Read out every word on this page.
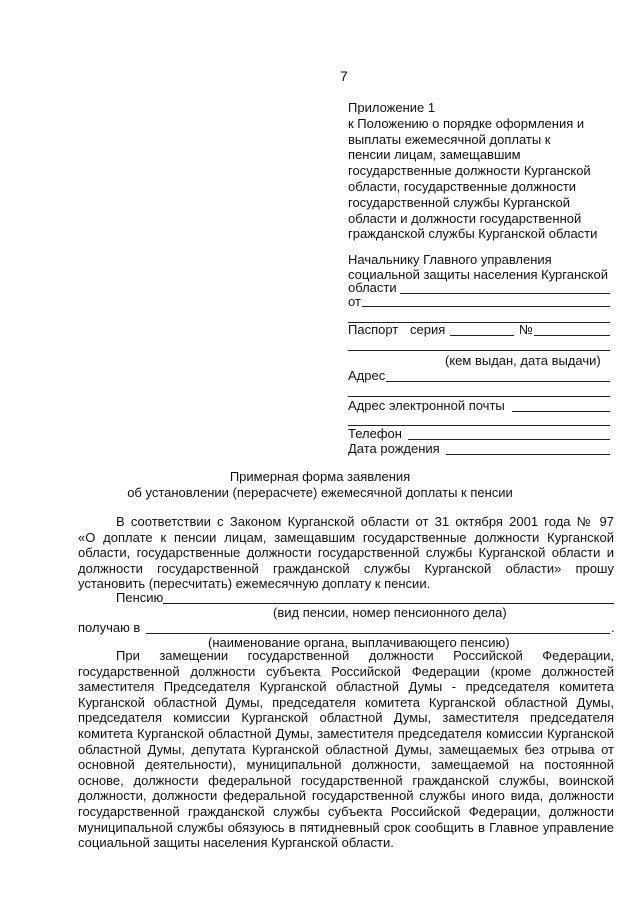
7
Приложение 1
к Положению о порядке оформления и
выплаты ежемесячной доплаты к
пенсии лицам, замещавшим
государственные должности Курганской
области, государственные должности
государственной службы Курганской
области и должности государственной
гражданской службы Курганской области
Начальнику Главного управления
социальной защиты населения Курганской
области
от
Паспорт серия	№
(кем выдан, дата выдачи)
Адрес
Адрес электронной почты
Телефон
Дата рождения
Примерная форма заявления
об установлении (перерасчете) ежемесячной доплаты к пенсии
В соответствии с Законом Курганской области от 31 октября 2001 года № 97
«О доплате к пенсии лицам, замещавшим государственные должности Курганской
области, государственные должности государственной службы Курганской области и
должности государственной гражданской службы Курганской области» прошу
установить (пересчитать) ежемесячную доплату к пенсии.
Пенсию
(вид пенсии, номер пенсионного дела)
получаю в	.
(наименование органа, выплачивающего пенсию)
При замещении государственной должности Российской Федерации,
государственной должности субъекта Российской Федерации (кроме должностей
заместителя Председателя Курганской областной Думы - председателя комитета
Курганской областной Думы, председателя комитета Курганской областной Думы,
председателя комиссии Курганской областной Думы, заместителя председателя
комитета Курганской областной Думы, заместителя председателя комиссии Курганской
областной Думы, депутата Курганской областной Думы, замещаемых без отрыва от
основной деятельности), муниципальной должности, замещаемой на постоянной
основе, должности федеральной государственной гражданской службы, воинской
должности, должности федеральной государственной службы иного вида, должности
государственной гражданской службы субъекта Российской Федерации, должности
муниципальной службы обязуюсь в пятидневный срок сообщить в Главное управление
социальной защиты населения Курганской области.
